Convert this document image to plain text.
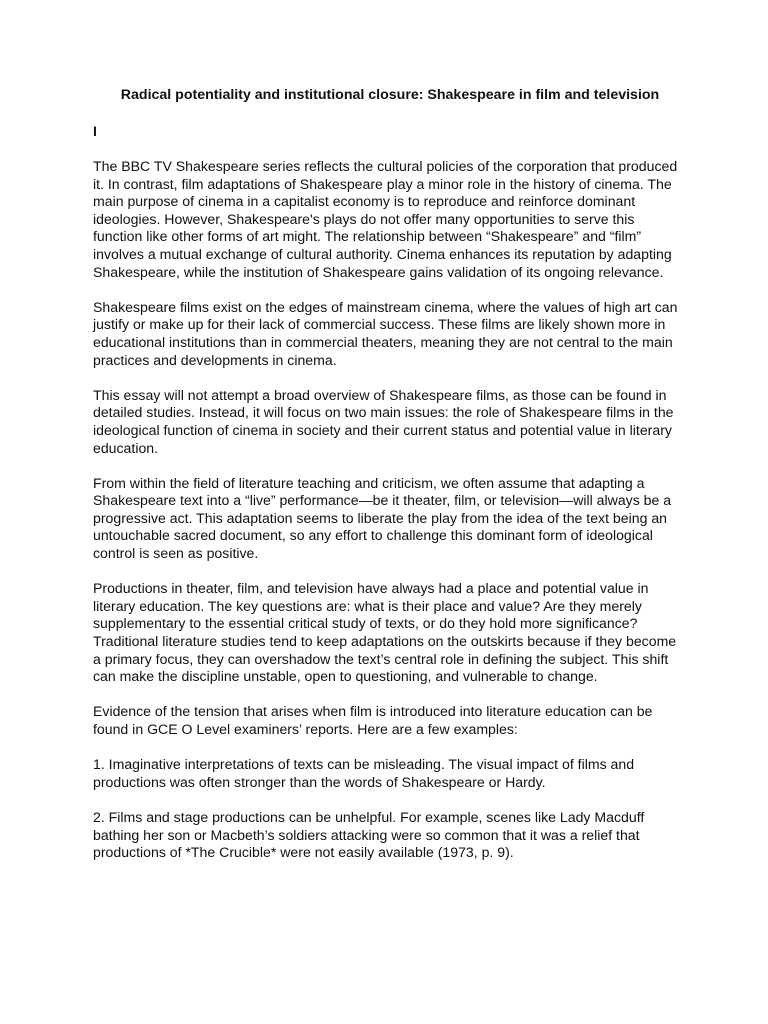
Radical potentiality and institutional closure: Shakespeare in film and television

I

The BBC TV Shakespeare series reflects the cultural policies of the corporation that produced it. In contrast, film adaptations of Shakespeare play a minor role in the history of cinema. The main purpose of cinema in a capitalist economy is to reproduce and reinforce dominant ideologies. However, Shakespeare's plays do not offer many opportunities to serve this function like other forms of art might. The relationship between “Shakespeare” and “film” involves a mutual exchange of cultural authority. Cinema enhances its reputation by adapting Shakespeare, while the institution of Shakespeare gains validation of its ongoing relevance.

Shakespeare films exist on the edges of mainstream cinema, where the values of high art can justify or make up for their lack of commercial success. These films are likely shown more in educational institutions than in commercial theaters, meaning they are not central to the main practices and developments in cinema.

This essay will not attempt a broad overview of Shakespeare films, as those can be found in detailed studies. Instead, it will focus on two main issues: the role of Shakespeare films in the ideological function of cinema in society and their current status and potential value in literary education.

From within the field of literature teaching and criticism, we often assume that adapting a Shakespeare text into a “live” performance—be it theater, film, or television—will always be a progressive act. This adaptation seems to liberate the play from the idea of the text being an untouchable sacred document, so any effort to challenge this dominant form of ideological control is seen as positive.

Productions in theater, film, and television have always had a place and potential value in literary education. The key questions are: what is their place and value? Are they merely supplementary to the essential critical study of texts, or do they hold more significance? Traditional literature studies tend to keep adaptations on the outskirts because if they become a primary focus, they can overshadow the text’s central role in defining the subject. This shift can make the discipline unstable, open to questioning, and vulnerable to change.

Evidence of the tension that arises when film is introduced into literature education can be found in GCE O Level examiners’ reports. Here are a few examples:

1. Imaginative interpretations of texts can be misleading. The visual impact of films and productions was often stronger than the words of Shakespeare or Hardy.

2. Films and stage productions can be unhelpful. For example, scenes like Lady Macduff bathing her son or Macbeth’s soldiers attacking were so common that it was a relief that productions of *The Crucible* were not easily available (1973, p. 9).
